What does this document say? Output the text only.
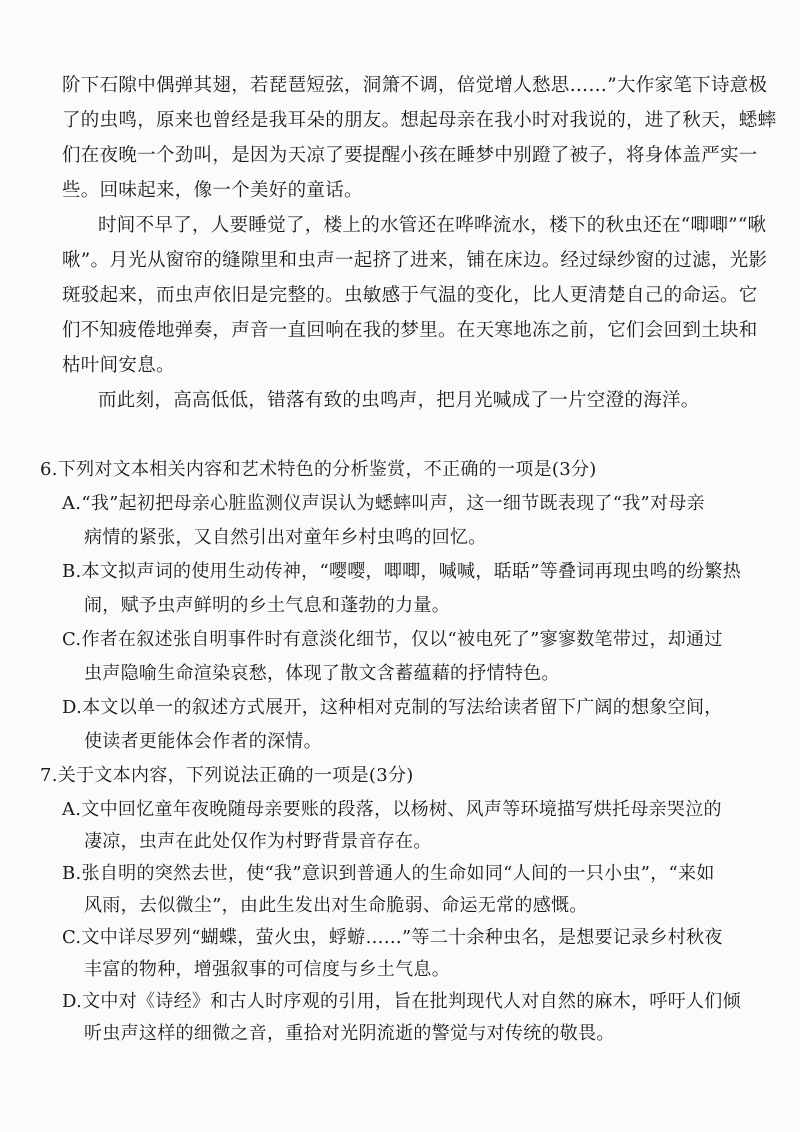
阶下石隙中偶弹其翅，若琵琶短弦，洞箫不调，倍觉增人愁思……”大作家笔下诗意极
了的虫鸣，原来也曾经是我耳朵的朋友。想起母亲在我小时对我说的，进了秋天，蟋蟀
们在夜晚一个劲叫，是因为天凉了要提醒小孩在睡梦中别蹬了被子，将身体盖严实一
些。回味起来，像一个美好的童话。
时间不早了，人要睡觉了，楼上的水管还在哗哗流水，楼下的秋虫还在“唧唧”“啾
啾”。月光从窗帘的缝隙里和虫声一起挤了进来，铺在床边。经过绿纱窗的过滤，光影
斑驳起来，而虫声依旧是完整的。虫敏感于气温的变化，比人更清楚自己的命运。它
们不知疲倦地弹奏，声音一直回响在我的梦里。在天寒地冻之前，它们会回到土块和
枯叶间安息。
而此刻，高高低低，错落有致的虫鸣声，把月光喊成了一片空澄的海洋。
6.下列对文本相关内容和艺术特色的分析鉴赏，不正确的一项是(3分)
A.“我”起初把母亲心脏监测仪声误认为蟋蟀叫声，这一细节既表现了“我”对母亲
病情的紧张，又自然引出对童年乡村虫鸣的回忆。
B.本文拟声词的使用生动传神，“嘤嘤，唧唧，喊喊，聒聒”等叠词再现虫鸣的纷繁热
闹，赋予虫声鲜明的乡土气息和蓬勃的力量。
C.作者在叙述张自明事件时有意淡化细节，仅以“被电死了”寥寥数笔带过，却通过
虫声隐喻生命渲染哀愁，体现了散文含蓄蕴藉的抒情特色。
D.本文以单一的叙述方式展开，这种相对克制的写法给读者留下广阔的想象空间，
使读者更能体会作者的深情。
7.关于文本内容，下列说法正确的一项是(3分)
A.文中回忆童年夜晚随母亲要账的段落，以杨树、风声等环境描写烘托母亲哭泣的
凄凉，虫声在此处仅作为村野背景音存在。
B.张自明的突然去世，使“我”意识到普通人的生命如同“人间的一只小虫”，“来如
风雨，去似微尘”，由此生发出对生命脆弱、命运无常的感慨。
C.文中详尽罗列“蝴蝶，萤火虫，蜉蝣……”等二十余种虫名，是想要记录乡村秋夜
丰富的物种，增强叙事的可信度与乡土气息。
D.文中对《诗经》和古人时序观的引用，旨在批判现代人对自然的麻木，呼吁人们倾
听虫声这样的细微之音，重拾对光阴流逝的警觉与对传统的敬畏。
